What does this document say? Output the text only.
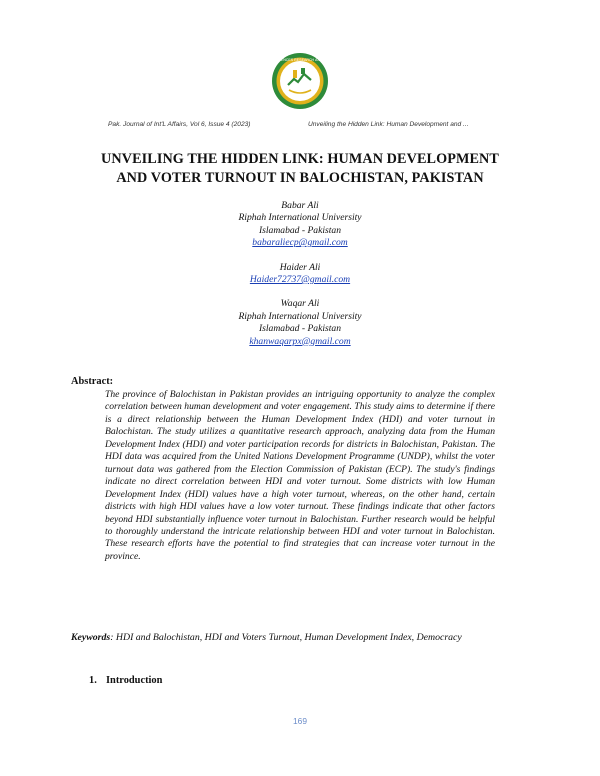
SOCIAL SCIENCES RESEARCH ASSOCIATION
Pak. Journal of Int'L Affairs, Vol 6, Issue 4 (2023)	Unveiling the Hidden Link: Human Development and ...
UNVEILING THE HIDDEN LINK: HUMAN DEVELOPMENT
AND VOTER TURNOUT IN BALOCHISTAN, PAKISTAN
Babar Ali
Riphah International University
Islamabad - Pakistan
babaraliecp@gmail.com
Haider Ali
Haider72737@gmail.com
Waqar Ali
Riphah International University
Islamabad - Pakistan
khanwaqarpx@gmail.com
Abstract:

The province of Balochistan in Pakistan provides an intriguing opportunity to analyze the complex correlation between human development and voter engagement. This study aims to determine if there is a direct relationship between the Human Development Index (HDI) and voter turnout in Balochistan. The study utilizes a quantitative research approach, analyzing data from the Human Development Index (HDI) and voter participation records for districts in Balochistan, Pakistan. The HDI data was acquired from the United Nations Development Programme (UNDP), whilst the voter turnout data was gathered from the Election Commission of Pakistan (ECP). The study's findings indicate no direct correlation between HDI and voter turnout. Some districts with low Human Development Index (HDI) values have a high voter turnout, whereas, on the other hand, certain districts with high HDI values have a low voter turnout. These findings indicate that other factors beyond HDI substantially influence voter turnout in Balochistan. Further research would be helpful to thoroughly understand the intricate relationship between HDI and voter turnout in Balochistan. These research efforts have the potential to find strategies that can increase voter turnout in the province.

Keywords: HDI and Balochistan, HDI and Voters Turnout, Human Development Index, Democracy

1. Introduction
169
